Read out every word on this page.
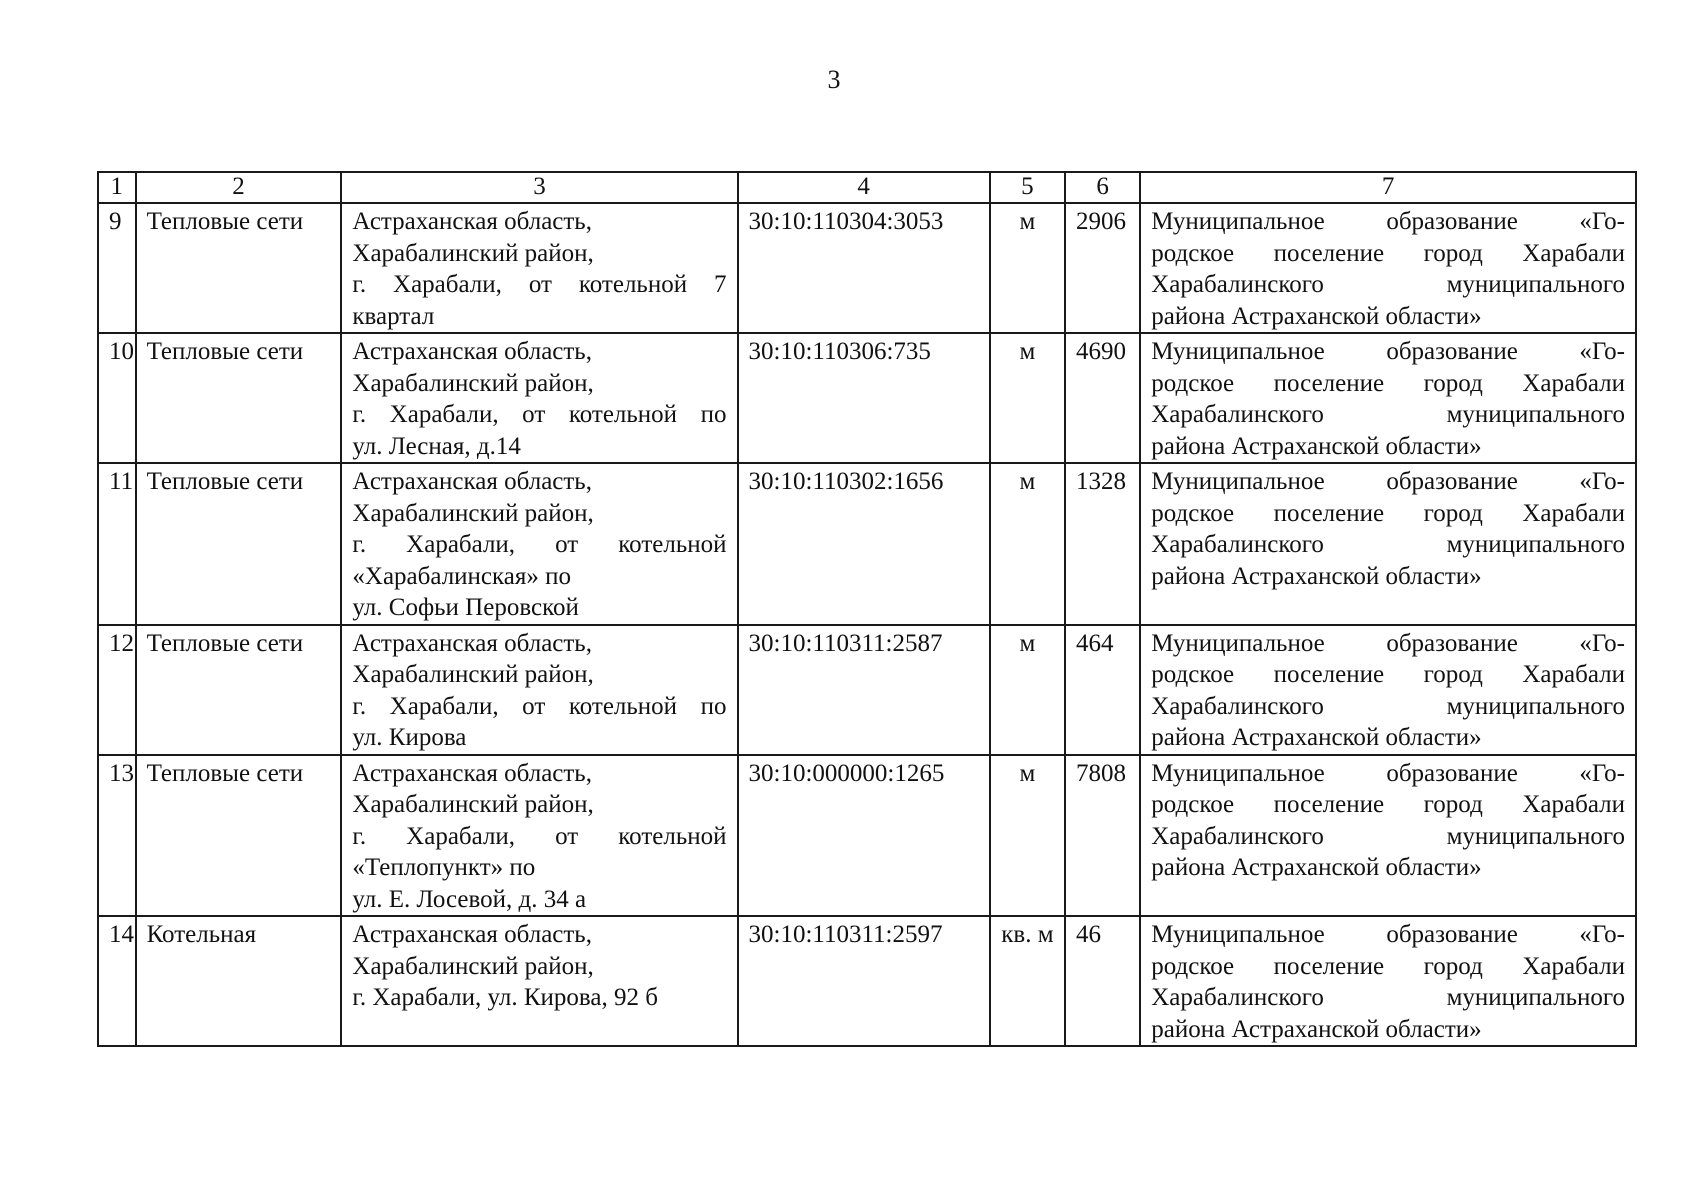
3
1	2	3	4	5	6	7
9	Тепловые сети	Астраханская область,
Харабалинский район,
г. Харабали, от котельной 7
квартал	30:10:110304:3053	м	2906	Муниципальное образование «Го-
родское поселение город Харабали
Харабалинского муниципального
района Астраханской области»

10	Тепловые сети	Астраханская область,
Харабалинский район,
г. Харабали, от котельной по
ул. Лесная, д.14	30:10:110306:735	м	4690	Муниципальное образование «Го-
родское поселение город Харабали
Харабалинского муниципального
района Астраханской области»

11	Тепловые сети	Астраханская область,
Харабалинский район,
г. Харабали, от котельной
«Харабалинская» по
ул. Софьи Перовской	30:10:110302:1656	м	1328	Муниципальное образование «Го-
родское поселение город Харабали
Харабалинского муниципального
района Астраханской области»

12	Тепловые сети	Астраханская область,
Харабалинский район,
г. Харабали, от котельной по
ул. Кирова	30:10:110311:2587	м	464	Муниципальное образование «Го-
родское поселение город Харабали
Харабалинского муниципального
района Астраханской области»

13	Тепловые сети	Астраханская область,
Харабалинский район,
г. Харабали, от котельной
«Теплопункт» по
ул. Е. Лосевой, д. 34 а	30:10:000000:1265	м	7808	Муниципальное образование «Го-
родское поселение город Харабали
Харабалинского муниципального
района Астраханской области»

14	Котельная	Астраханская область,
Харабалинский район,
г. Харабали, ул. Кирова, 92 б	30:10:110311:2597	кв. м	46	Муниципальное образование «Го-
родское поселение город Харабали
Харабалинского муниципального
района Астраханской области»
